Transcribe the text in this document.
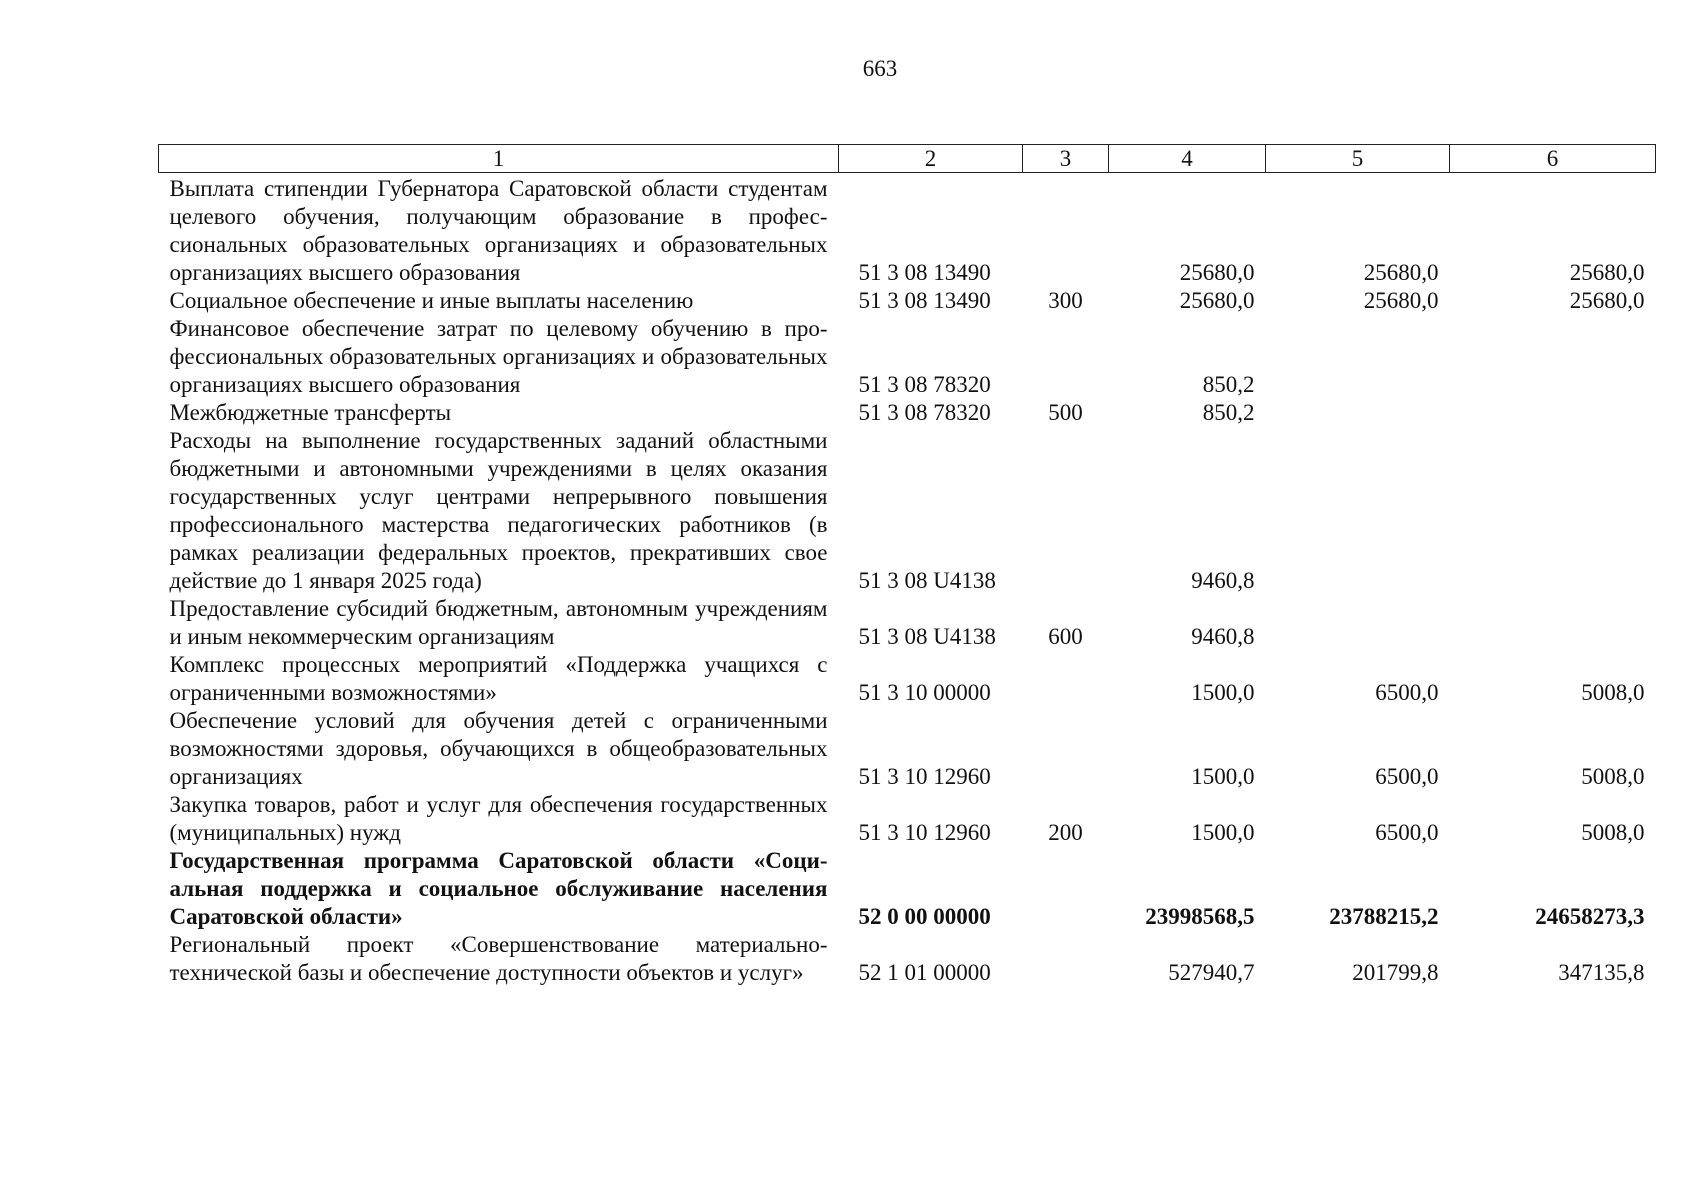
663
1	2	3	4	5	6
Выплата стипендии Губернатора Саратовской области студентам целевого обучения, получающим образование в профессиональных образовательных организациях и образовательных организациях высшего образования	51 3 08 13490		25680,0	25680,0	25680,0
Социальное обеспечение и иные выплаты населению	51 3 08 13490	300	25680,0	25680,0	25680,0
Финансовое обеспечение затрат по целевому обучению в профессиональных образовательных организациях и образовательных организациях высшего образования	51 3 08 78320		850,2		
Межбюджетные трансферты	51 3 08 78320	500	850,2		
Расходы на выполнение государственных заданий областными бюджетными и автономными учреждениями в целях оказания государственных услуг центрами непрерывного повышения профессионального мастерства педагогических работников (в рамках реализации федеральных проектов, прекративших свое действие до 1 января 2025 года)	51 3 08 U4138		9460,8		
Предоставление субсидий бюджетным, автономным учреждениям и иным некоммерческим организациям	51 3 08 U4138	600	9460,8		
Комплекс процессных мероприятий «Поддержка учащихся с ограниченными возможностями»	51 3 10 00000		1500,0	6500,0	5008,0
Обеспечение условий для обучения детей с ограниченными возможностями здоровья, обучающихся в общеобразовательных организациях	51 3 10 12960		1500,0	6500,0	5008,0
Закупка товаров, работ и услуг для обеспечения государственных (муниципальных) нужд	51 3 10 12960	200	1500,0	6500,0	5008,0
Государственная программа Саратовской области «Социальная поддержка и социальное обслуживание населения Саратовской области»	52 0 00 00000		23998568,5	23788215,2	24658273,3
Региональный проект «Совершенствование материально-технической базы и обеспечение доступности объектов и услуг»	52 1 01 00000		527940,7	201799,8	347135,8
